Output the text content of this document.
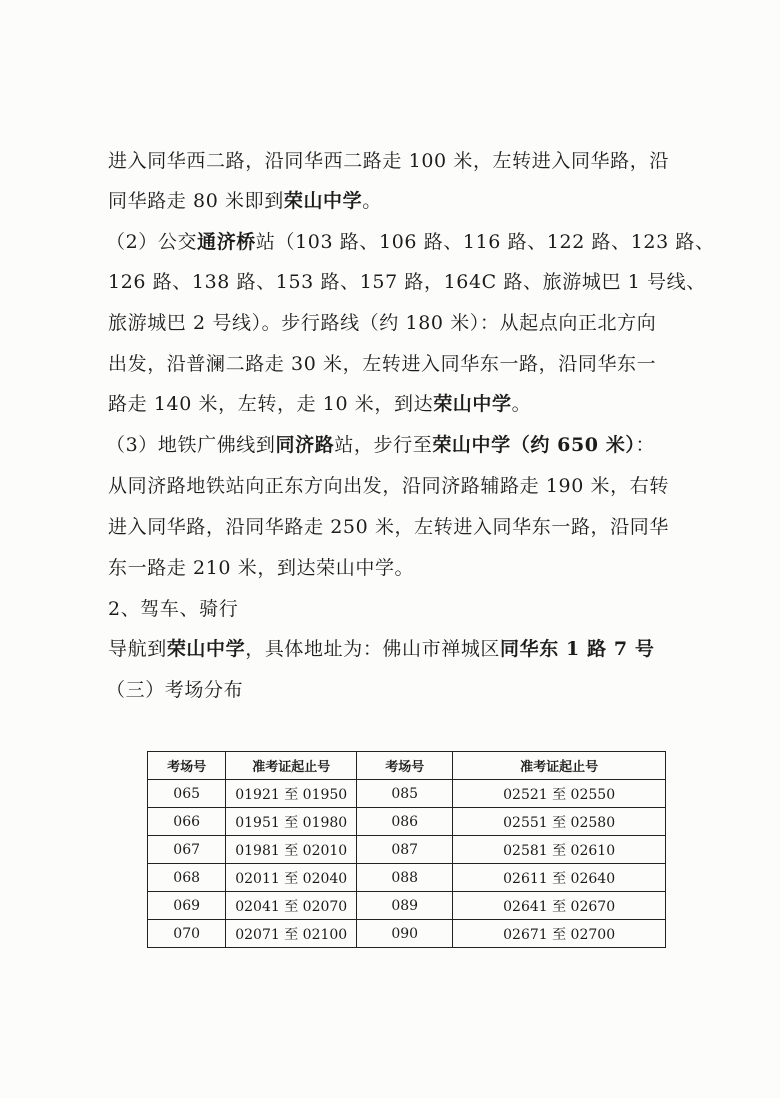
进入同华西二路，沿同华西二路走 100 米，左转进入同华路，沿
同华路走 80 米即到荣山中学。
（2）公交通济桥站（103 路、106 路、116 路、122 路、123 路、
126 路、138 路、153 路、157 路，164C 路、旅游城巴 1 号线、
旅游城巴 2 号线）。步行路线（约 180 米）：从起点向正北方向
出发，沿普澜二路走 30 米，左转进入同华东一路，沿同华东一
路走 140 米，左转，走 10 米，到达荣山中学。
（3）地铁广佛线到同济路站，步行至荣山中学（约 650 米）：
从同济路地铁站向正东方向出发，沿同济路辅路走 190 米，右转
进入同华路，沿同华路走 250 米，左转进入同华东一路，沿同华
东一路走 210 米，到达荣山中学。
2、驾车、骑行
导航到荣山中学，具体地址为：佛山市禅城区同华东 1 路 7 号
（三）考场分布
考场号	准考证起止号	考场号	准考证起止号
065	01921 至 01950	085	02521 至 02550
066	01951 至 01980	086	02551 至 02580
067	01981 至 02010	087	02581 至 02610
068	02011 至 02040	088	02611 至 02640
069	02041 至 02070	089	02641 至 02670
070	02071 至 02100	090	02671 至 02700
